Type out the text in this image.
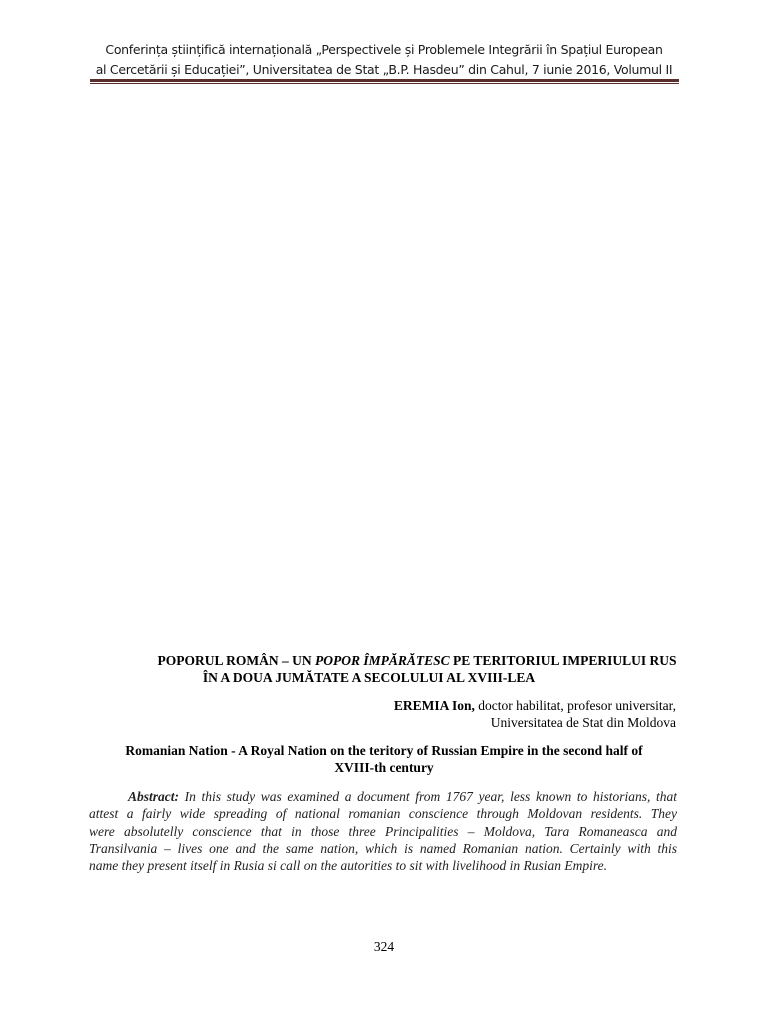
Conferința științifică internațională „Perspectivele și Problemele Integrării în Spațiul European
al Cercetării și Educației”, Universitatea de Stat „B.P. Hasdeu” din Cahul, 7 iunie 2016, Volumul II
POPORUL ROMÂN – UN POPOR ÎMPĂRĂTESC PE TERITORIUL IMPERIULUI RUS
ÎN A DOUA JUMĂTATE A SECOLULUI AL XVIII-LEA
EREMIA Ion, doctor habilitat, profesor universitar,
Universitatea de Stat din Moldova
Romanian Nation - A Royal Nation on the teritory of Russian Empire in the second half of
XVIII-th century
Abstract: In this study was examined a document from 1767 year, less known to historians, that
attest a fairly wide spreading of national romanian conscience through Moldovan residents. They
were absolutelly conscience that in those three Principalities – Moldova, Tara Romaneasca and
Transilvania – lives one and the same nation, which is named Romanian nation. Certainly with this
name they present itself in Rusia si call on the autorities to sit with livelihood in Rusian Empire.
324
